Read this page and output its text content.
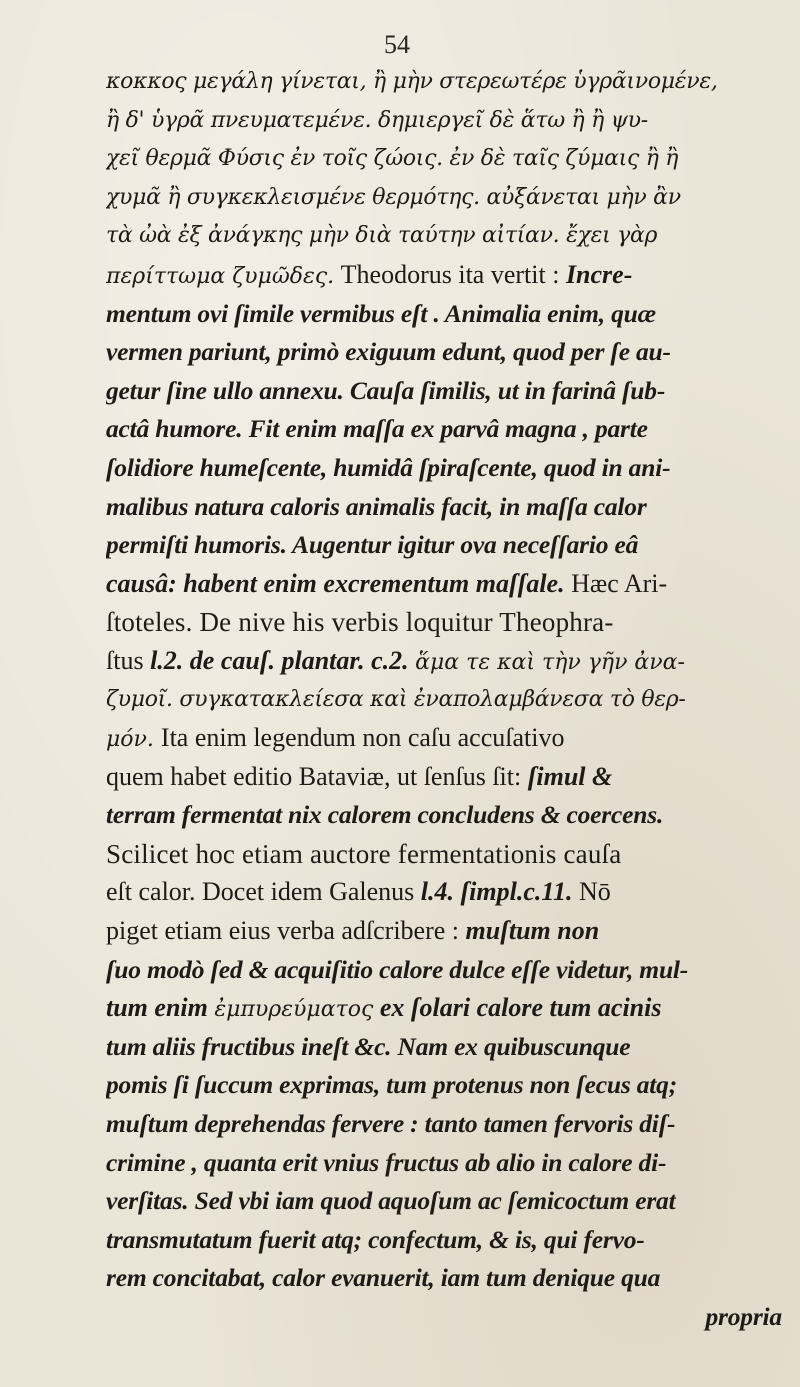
54
κοκκος μεγάλη γίνεται, ἢ μὴν στερεωτέρε ὑγρᾶινομένε,
ἢ δ' ὑγρᾶ πνευματεμένε. δημιεργεῖ δὲ ἅτω ἢ ἢ ψυ-
χεῖ θερμᾶ Φύσις ἐν τοῖς ζώοις. ἐν δὲ ταῖς ζύμαις ἢ ἢ
χυμᾶ ἢ συγκεκλεισμένε θερμότης. αὐξάνεται μὴν ἂν
τὰ ὠὰ ἐξ ἀνάγκης μὴν διὰ ταύτην αἰτίαν. ἔχει γὰρ
περίττωμα ζυμῶδες. Theodorus ita vertit : Incre-
mentum ovi ſimile vermibus eſt . Animalia enim, quæ
vermen pariunt, primò exiguum edunt, quod per ſe au-
getur ſine ullo annexu. Cauſa ſimilis, ut in farinâ ſub-
actâ humore. Fit enim maſſa ex parvâ magna , parte
ſolidiore humeſcente, humidâ ſpiraſcente, quod in ani-
malibus natura caloris animalis facit, in maſſa calor
permiſti humoris. Augentur igitur ova neceſſario eâ
causâ: habent enim excrementum maſſale. Hæc Ari-
ſtoteles. De nive his verbis loquitur Theophra-
ſtus l.2. de cauſ. plantar. c.2. ἅμα τε καὶ τὴν γῆν ἀνα-
ζυμοῖ. συγκατακλείεσα καὶ ἐναπολαμβάνεσα τὸ θερ-
μόν. Ita enim legendum non caſu accuſativo
quem habet editio Bataviæ, ut ſenſus ſit: ſimul &
terram fermentat nix calorem concludens & coercens.
Scilicet hoc etiam auctore fermentationis cauſa
eſt calor. Docet idem Galenus l.4. ſimpl.c.11. Nō
piget etiam eius verba adſcribere : muſtum non
ſuo modò ſed & acquiſitio calore dulce eſſe videtur, mul-
tum enim ἐμπυρεύματος ex ſolari calore tum acinis
tum aliis fructibus ineſt &c. Nam ex quibuscunque
pomis ſi ſuccum exprimas, tum protenus non ſecus atq;
muſtum deprehendas fervere : tanto tamen fervoris diſ-
crimine , quanta erit vnius fructus ab alio in calore di-
verſitas. Sed vbi iam quod aquoſum ac ſemicoctum erat
transmutatum fuerit atq; confectum, & is, qui fervo-
rem concitabat, calor evanuerit, iam tum denique qua
propria
